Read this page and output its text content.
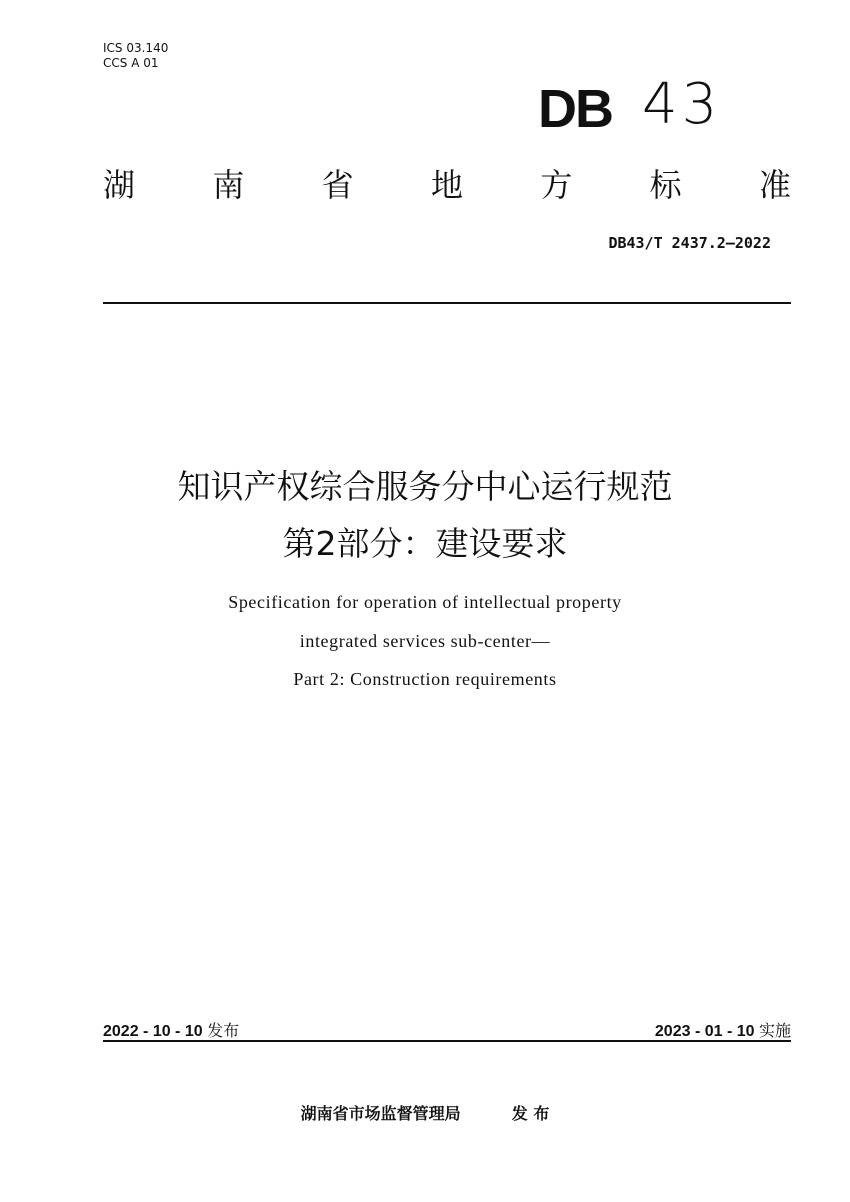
ICS 03.140
CCS A 01
DB 43
湖 南 省 地 方 标 准
DB43/T 2437.2—2022
知识产权综合服务分中心运行规范
第2部分：建设要求
Specification for operation of intellectual property
integrated services sub-center—
Part 2: Construction requirements
2022 - 10 - 10 发布	2023 - 01 - 10 实施
湖南省市场监督管理局	发 布
